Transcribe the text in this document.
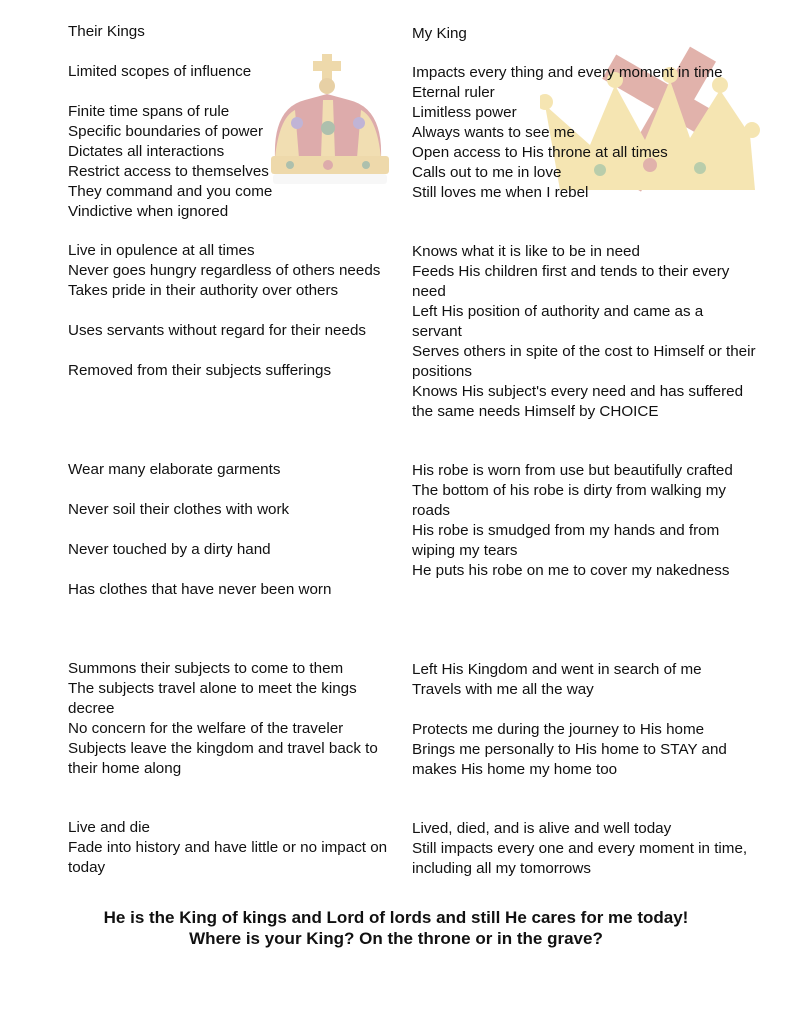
Their Kings
Limited scopes of influence
Finite time spans of rule
Specific boundaries of power
Dictates all interactions
Restrict access to themselves
They command and you come
Vindictive when ignored
Live in opulence at all times
Never goes hungry regardless of others needs
Takes pride in their authority over others
Uses servants without regard for their needs
Removed from their subjects sufferings
Wear many elaborate garments
Never soil their clothes with work
Never touched by a dirty hand
Has clothes that have never been worn
Summons their subjects to come to them
The subjects travel alone to meet the kings decree
No concern for the welfare of the traveler
Subjects leave the kingdom and travel back to their home along
Live and die
Fade into history and have little or no impact on today
My King
Impacts every thing and every moment in time
Eternal ruler
Limitless power
Always wants to see me
Open access to His throne at all times
Calls out to me in love
Still loves me when I rebel
Knows what it is like to be in need
Feeds His children first and tends to their every need
Left His position of authority and came as a servant
Serves others in spite of the cost to Himself or their positions
Knows His subject's every need and has suffered the same needs Himself by CHOICE
His robe is worn from use but beautifully crafted
The bottom of his robe is dirty from walking my roads
His robe is smudged from my hands and from wiping my tears
He puts his robe on me to cover my nakedness
Left His Kingdom and went in search of me
Travels with me all the way
Protects me during the journey to His home
Brings me personally to His home to STAY and makes His home my home too
Lived, died, and is alive and well today
Still impacts every one and every moment in time, including all my tomorrows
He is the King of kings and Lord of lords and still He cares for me today!
Where is your King? On the throne or in the grave?
